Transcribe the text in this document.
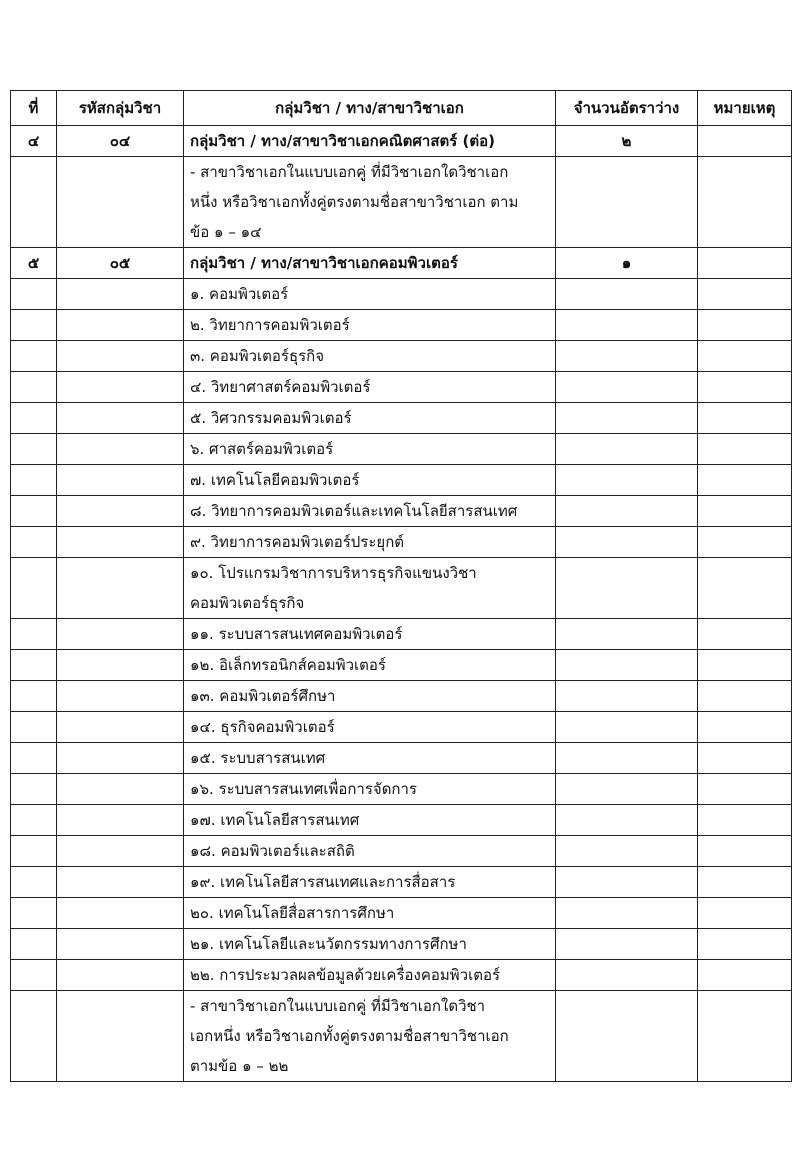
ที่	รหัสกลุ่มวิชา	กลุ่มวิชา / ทาง/สาขาวิชาเอก	จำนวนอัตราว่าง	หมายเหตุ
๔	๐๔	กลุ่มวิชา / ทาง/สาขาวิชาเอกคณิตศาสตร์ (ต่อ)	๒	

		- สาขาวิชาเอกในแบบเอกคู่ ที่มีวิชาเอกใดวิชาเอก
หนึ่ง หรือวิชาเอกทั้งคู่ตรงตามชื่อสาขาวิชาเอก ตาม
ข้อ ๑ – ๑๔		

๕	๐๕	กลุ่มวิชา / ทาง/สาขาวิชาเอกคอมพิวเตอร์	๑	

		๑. คอมพิวเตอร์		

		๒. วิทยาการคอมพิวเตอร์		

		๓. คอมพิวเตอร์ธุรกิจ		

		๔. วิทยาศาสตร์คอมพิวเตอร์		

		๕. วิศวกรรมคอมพิวเตอร์		

		๖. ศาสตร์คอมพิวเตอร์		

		๗. เทคโนโลยีคอมพิวเตอร์		

		๘. วิทยาการคอมพิวเตอร์และเทคโนโลยีสารสนเทศ		

		๙. วิทยาการคอมพิวเตอร์ประยุกต์		

		๑๐. โปรแกรมวิชาการบริหารธุรกิจแขนงวิชา
คอมพิวเตอร์ธุรกิจ		

		๑๑. ระบบสารสนเทศคอมพิวเตอร์		

		๑๒. อิเล็กทรอนิกส์คอมพิวเตอร์		

		๑๓. คอมพิวเตอร์ศึกษา		

		๑๔. ธุรกิจคอมพิวเตอร์		

		๑๕. ระบบสารสนเทศ		

		๑๖. ระบบสารสนเทศเพื่อการจัดการ		

		๑๗. เทคโนโลยีสารสนเทศ		

		๑๘. คอมพิวเตอร์และสถิติ		

		๑๙. เทคโนโลยีสารสนเทศและการสื่อสาร		

		๒๐. เทคโนโลยีสื่อสารการศึกษา		

		๒๑. เทคโนโลยีและนวัตกรรมทางการศึกษา		

		๒๒. การประมวลผลข้อมูลด้วยเครื่องคอมพิวเตอร์		

		- สาขาวิชาเอกในแบบเอกคู่ ที่มีวิชาเอกใดวิชา
เอกหนึ่ง หรือวิชาเอกทั้งคู่ตรงตามชื่อสาขาวิชาเอก
ตามข้อ ๑ – ๒๒		
